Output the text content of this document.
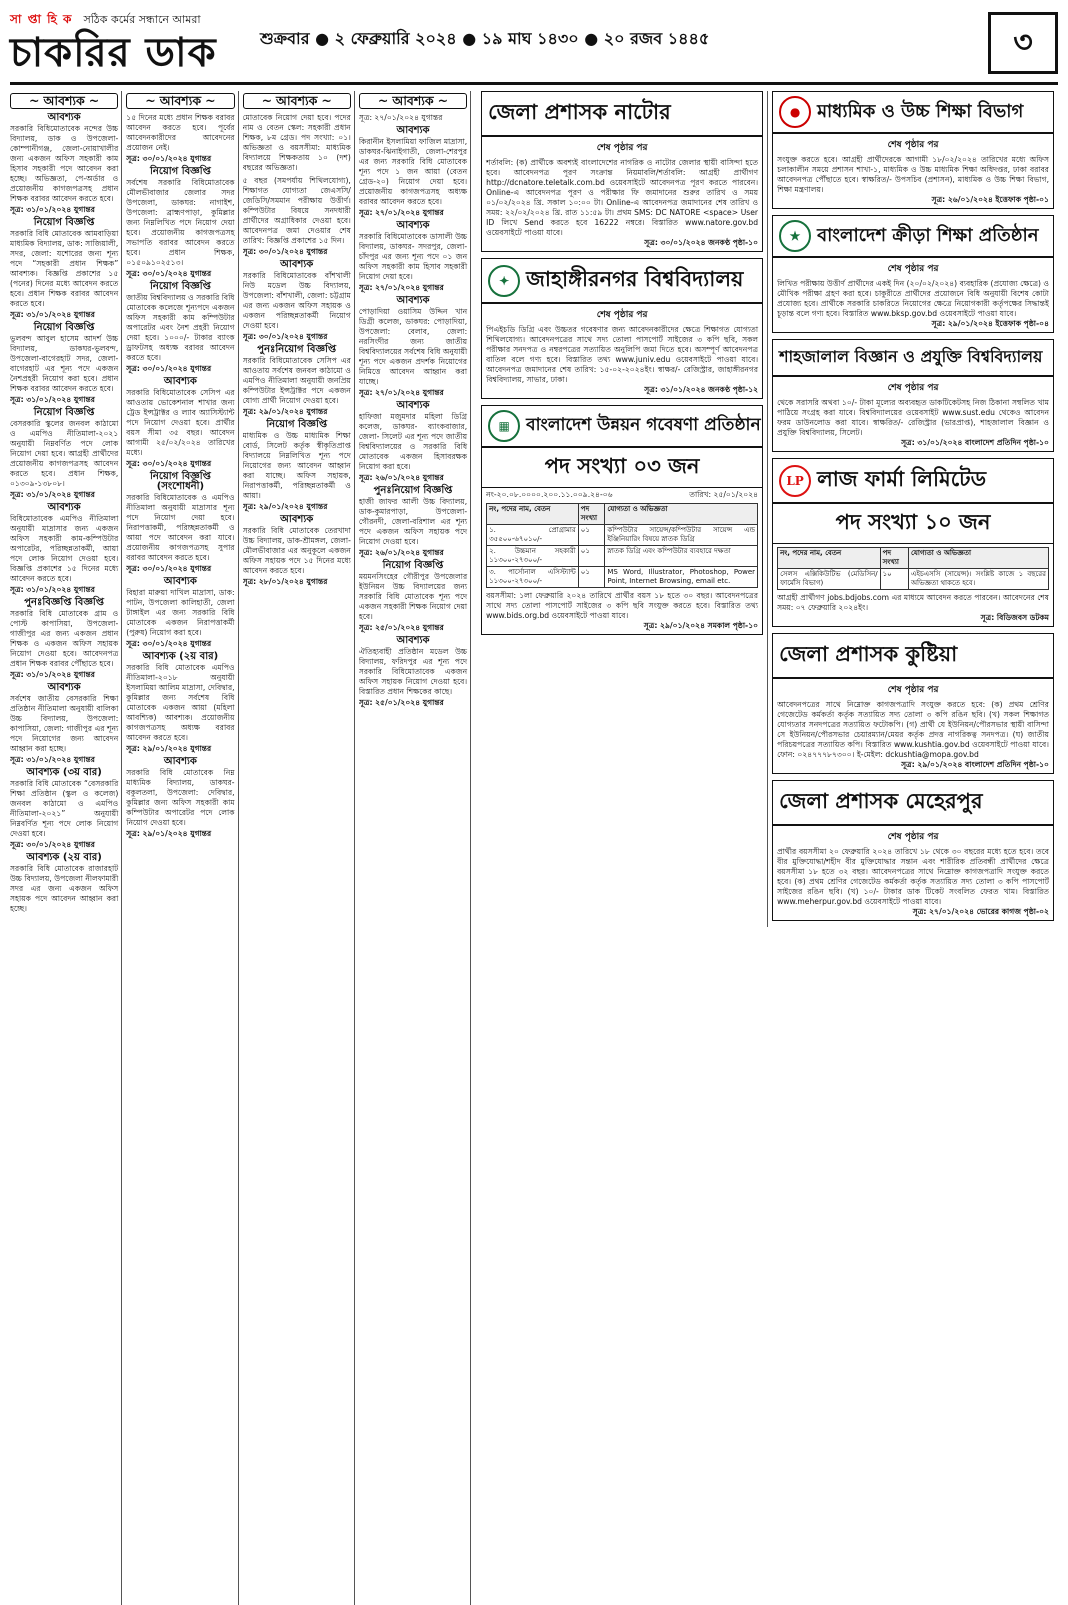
সা প্তা হি ক সঠিক কর্মের সন্ধানে আমরা
চাকরির ডাক	শুক্রবার ● ২ ফেব্রুয়ারি ২০২৪ ● ১৯ মাঘ ১৪৩০ ● ২০ রজব ১৪৪৫	৩
~ আবশ্যক ~
আবশ্যক
সরকারি বিধিমোতাবেক নন্দের উচ্চ বিদ্যালয়, ডাক ও উপজেলা-কোম্পানীগঞ্জ, জেলা-নোয়াখালীর জন্য একজন অফিস সহকারী কাম হিসাব সহকারী পদে আবেদন করা হচ্ছে। অভিজ্ঞতা, পে-অর্ডার ও প্রয়োজনীয় কাগজপত্রসহ প্রধান শিক্ষক বরাবর আবেদন করতে হবে।
সূত্র: ৩১/০১/২০২৪ যুগান্তর
নিয়োগ বিজ্ঞপ্তি
সরকারি বিধি মোতাবেক আমবাড়িয়া মাধ্যমিক বিদ্যালয়, ডাক: সাজিয়ালী, সদর, জেলা: যশোরের জন্য শূন্য পদে “সহকারী প্রধান শিক্ষক” আবশ্যক। বিজ্ঞপ্তি প্রকাশের ১৫ (পনের) দিনের মধ্যে আবেদন করতে হবে। প্রধান শিক্ষক বরাবর আবেদন করতে হবে।
সূত্র: ৩১/০১/২০২৪ যুগান্তর
নিয়োগ বিজ্ঞপ্তি
ভুলবন্দ আবুল হাসেম আদর্শ উচ্চ বিদ্যালয়, ডাকঘর-ভুলবন্দ, উপজেলা-বাগেরহাট সদর, জেলা-বাগেরহাট এর শূন্য পদে একজন নৈশপ্রহরী নিয়োগ করা হবে। প্রধান শিক্ষক বরাবর আবেদন করতে হবে।
সূত্র: ৩১/০১/২০২৪ যুগান্তর
নিয়োগ বিজ্ঞপ্তি
বেসরকারি স্কুলের জনবল কাঠামো ও এমপিও নীতিমালা-২০২১ অনুযায়ী নিম্নবর্ণিত পদে লোক নিয়োগ দেয়া হবে। আগ্রহী প্রার্থীদের প্রয়োজনীয় কাগজপত্রসহ আবেদন করতে হবে। প্রধান শিক্ষক, ০১৩০৯-১৩৮০৮।
সূত্র: ৩১/০১/২০২৪ যুগান্তর
আবশ্যক
বিধিমোতাবেক এমপিও নীতিমালা অনুযায়ী মাদ্রাসার জন্য একজন অফিস সহকারী কাম-কম্পিউটার অপারেটর, পরিচ্ছন্নতাকর্মী, আয়া পদে লোক নিয়োগ দেওয়া হবে। বিজ্ঞপ্তি প্রকাশের ১৫ দিনের মধ্যে আবেদন করতে হবে।
সূত্র: ৩১/০১/২০২৪ যুগান্তর
পুনঃবিজ্ঞপ্তি বিজ্ঞপ্তি
সরকারি বিধি মোতাবেক গ্রাম ও পোস্ট কাপাসিয়া, উপজেলা-গাজীপুর এর জন্য একজন প্রধান শিক্ষক ও একজন অফিস সহায়ক নিয়োগ দেওয়া হবে। আবেদনপত্র প্রধান শিক্ষক বরাবর পৌঁছাতে হবে।
সূত্র: ৩১/০১/২০২৪ যুগান্তর
আবশ্যক
সর্বশেষ জাতীয় বেসরকারি শিক্ষা প্রতিষ্ঠান নীতিমালা অনুযায়ী বালিকা উচ্চ বিদ্যালয়, উপজেলা: কাপাসিয়া, জেলা: গাজীপুর এর শূন্য পদে নিয়োগের জন্য আবেদন আহ্বান করা হচ্ছে।
সূত্র: ৩১/০১/২০২৪ যুগান্তর
আবশ্যক (৩য় বার)
সরকারি বিধি মোতাবেক “বেসরকারি শিক্ষা প্রতিষ্ঠান (স্কুল ও কলেজ) জনবল কাঠামো ও এমপিও নীতিমালা-২০২১” অনুযায়ী নিম্নবর্ণিত শূন্য পদে লোক নিয়োগ দেওয়া হবে।
সূত্র: ৩০/০১/২০২৪ যুগান্তর
আবশ্যক (২য় বার)
সরকারি বিধি মোতাবেক রাজারহাট উচ্চ বিদ্যালয়, উপজেলা নীলফামারী সদর এর জন্য একজন অফিস সহায়ক পদে আবেদন আহ্বান করা হচ্ছে।
~ আবশ্যক ~
১৫ দিনের মধ্যে প্রধান শিক্ষক বরাবর আবেদন করতে হবে। পূর্বের আবেদনকারীদের আবেদনের প্রয়োজন নেই।
সূত্র: ৩০/০১/২০২৪ যুগান্তর
নিয়োগ বিজ্ঞপ্তি
সর্বশেষ সরকারি বিধিমোতাবেক মৌলভীবাজার জেলার সদর উপজেলা, ডাকঘর: নাগাইশ, উপজেলা: ব্রাহ্মণপাড়া, কুমিল্লার জন্য নিম্নলিখিত পদে নিয়োগ দেয়া হবে। প্রয়োজনীয় কাগজপত্রসহ সভাপতি বরাবর আবেদন করতে হবে। প্রধান শিক্ষক, ০১৫০৯১০২৫১৩।
সূত্র: ৩০/০১/২০২৪ যুগান্তর
নিয়োগ বিজ্ঞপ্তি
জাতীয় বিশ্ববিদ্যালয় ও সরকারি বিধি মোতাবেক কলেজে শূন্যপদে একজন অফিস সহকারী কাম কম্পিউটার অপারেটর এবং নৈশ প্রহরী নিয়োগ দেয়া হবে। ১০০০/- টাকার ব্যাংক ড্রাফটসহ অধ্যক্ষ বরাবর আবেদন করতে হবে।
সূত্র: ৩০/০১/২০২৪ যুগান্তর
আবশ্যক
সরকারি বিধিমোতাবেক সেসিপ এর আওতায় ভোকেশনাল শাখার জন্য ট্রেড ইন্সট্রাক্টর ও ল্যাব অ্যাসিস্ট্যান্ট পদে নিয়োগ দেওয়া হবে। প্রার্থীর বয়স সীমা ৩৫ বছর। আবেদন আগামী ২৫/০২/২০২৪ তারিখের মধ্যে।
সূত্র: ৩০/০১/২০২৪ যুগান্তর
নিয়োগ বিজ্ঞপ্তি (সংশোধনী)
সরকারি বিধিমোতাবেক ও এমপিও নীতিমালা অনুযায়ী মাদ্রাসার শূন্য পদে নিয়োগ দেয়া হবে। নিরাপত্তাকর্মী, পরিচ্ছন্নতাকর্মী ও আয়া পদে আবেদন করা যাবে। প্রয়োজনীয় কাগজপত্রসহ সুপার বরাবর আবেদন করতে হবে।
সূত্র: ৩০/০১/২০২৪ যুগান্তর
আবশ্যক
বিহারা মারুয়া দাখিল মাদ্রাসা, ডাক: পাটন, উপজেলা কালিহাতী, জেলা টাঙ্গাইল এর জন্য সরকারি বিধি মোতাবেক একজন নিরাপত্তাকর্মী (পুরুষ) নিয়োগ করা হবে।
সূত্র: ৩০/০১/২০২৪ যুগান্তর
আবশ্যক (২য় বার)
সরকারি বিধি মোতাবেক এমপিও নীতিমালা-২০১৮ অনুযায়ী ইসলামিয়া আলিম মাদ্রাসা, দেবিদ্বার, কুমিল্লার জন্য সর্বশেষ বিধি মোতাবেক একজন আয়া (মহিলা আবশ্যিক) আবশ্যক। প্রয়োজনীয় কাগজপত্রসহ অধ্যক্ষ বরাবর আবেদন করতে হবে।
সূত্র: ২৯/০১/২০২৪ যুগান্তর
আবশ্যক
সরকারি বিধি মোতাবেক নিম্ন মাধ্যমিক বিদ্যালয়, ডাকঘর-বকুলতলা, উপজেলা: দেবিদ্বার, কুমিল্লার জন্য অফিস সহকারী কাম কম্পিউটার অপারেটর পদে লোক নিয়োগ দেওয়া হবে।
সূত্র: ২৯/০১/২০২৪ যুগান্তর
~ আবশ্যক ~
মোতাবেক নিয়োগ দেয়া হবে। পদের নাম ও বেতন স্কেল: সহকারী প্রধান শিক্ষক, ৮ম গ্রেড। পদ সংখ্যা: ০১। অভিজ্ঞতা ও বয়সসীমা: মাধ্যমিক বিদ্যালয়ে শিক্ষকতায় ১০ (দশ) বছরের অভিজ্ঞতা।
৫ বছর (সমপর্যায় শিথিলযোগ্য), শিক্ষাগত যোগ্যতা জেএসসি/জেডিসি/সমমান পরীক্ষায় উত্তীর্ণ। কম্পিউটার বিষয়ে সনদধারী প্রার্থীদের অগ্রাধিকার দেওয়া হবে। আবেদনপত্র জমা দেওয়ার শেষ তারিখ: বিজ্ঞপ্তি প্রকাশের ১৫ দিন।
সূত্র: ৩০/০১/২০২৪ যুগান্তর
আবশ্যক
সরকারি বিধিমোতাবেক বাঁশখালী নিউ মডেল উচ্চ বিদ্যালয়, উপজেলা: বাঁশখালী, জেলা: চট্টগ্রাম এর জন্য একজন অফিস সহায়ক ও একজন পরিচ্ছন্নতাকর্মী নিয়োগ দেওয়া হবে।
সূত্র: ৩০/০১/২০২৪ যুগান্তর
পুনঃনিয়োগ বিজ্ঞপ্তি
সরকারি বিধিমোতাবেক সেসিপ এর আওতায় সর্বশেষ জনবল কাঠামো ও এমপিও নীতিমালা অনুযায়ী জনপ্রিয় কম্পিউটার ইন্সট্রাক্টর পদে একজন যোগ্য প্রার্থী নিয়োগ দেওয়া হবে।
সূত্র: ২৯/০১/২০২৪ যুগান্তর
নিয়োগ বিজ্ঞপ্তি
মাধ্যমিক ও উচ্চ মাধ্যমিক শিক্ষা বোর্ড, সিলেট কর্তৃক স্বীকৃতিপ্রাপ্ত বিদ্যালয়ে নিম্নলিখিত শূন্য পদে নিয়োগের জন্য আবেদন আহ্বান করা যাচ্ছে। অফিস সহায়ক, নিরাপত্তাকর্মী, পরিচ্ছন্নতাকর্মী ও আয়া।
সূত্র: ২৯/০১/২০২৪ যুগান্তর
আবশ্যক
সরকারি বিধি মোতাবেক তেরখাদা উচ্চ বিদ্যালয়, ডাক-শ্রীমঙ্গল, জেলা-মৌলভীবাজার এর অনুকূলে একজন অফিস সহায়ক পদে ১৫ দিনের মধ্যে আবেদন করতে হবে।
সূত্র: ২৮/০১/২০২৪ যুগান্তর
~ আবশ্যক ~
সূত্র: ২৭/০১/২০২৪ যুগান্তর
আবশ্যক
কিরানীন ইসলামিয়া ফাজিল মাদ্রাসা, ডাকঘর-ঝিনাইগাতী, জেলা-শেরপুর এর জন্য সরকারি বিধি মোতাবেক শূন্য পদে ১ জন আয়া (বেতন গ্রেড-২০) নিয়োগ দেয়া হবে। প্রয়োজনীয় কাগজপত্রসহ অধ্যক্ষ বরাবর আবেদন করতে হবে।
সূত্র: ২৭/০১/২০২৪ যুগান্তর
আবশ্যক
সরকারি বিধিমোতাবেক ডাসালী উচ্চ বিদ্যালয়, ডাকঘর- সদরপুর, জেলা- চাঁদপুর এর জন্য শূন্য পদে ০১ জন অফিস সহকারী কাম হিসাব সহকারী নিয়োগ দেয়া হবে।
সূত্র: ২৭/০১/২০২৪ যুগান্তর
আবশ্যক
পোড়াদিয়া ওয়াসিম উদ্দিন খান ডিগ্রী কলেজ, ডাকঘর: পোড়াদিয়া, উপজেলা: বেলাব, জেলা: নরসিংদীর জন্য জাতীয় বিশ্ববিদ্যালয়ের সর্বশেষ বিধি অনুযায়ী শূন্য পদে একজন প্রদর্শক নিয়োগের নিমিত্তে আবেদন আহ্বান করা যাচ্ছে।
সূত্র: ২৭/০১/২০২৪ যুগান্তর
আবশ্যক
হাফিজা মজুমদার মহিলা ডিগ্রি কলেজ, ডাকঘর- ব্যাংকবাজার, জেলা- সিলেট এর শূন্য পদে জাতীয় বিশ্ববিদ্যালয়ের ও সরকারি বিধি মোতাবেক একজন হিসাবরক্ষক নিয়োগ করা হবে।
সূত্র: ২৬/০১/২০২৪ যুগান্তর
পুনঃনিয়োগ বিজ্ঞপ্তি
হাজী জাফর আলী উচ্চ বিদ্যালয়, ডাক-কুমারপাড়া, উপজেলা-গৌরনদী, জেলা-বরিশাল এর শূন্য পদে একজন অফিস সহায়ক পদে নিয়োগ দেওয়া হবে।
সূত্র: ২৬/০১/২০২৪ যুগান্তর
নিয়োগ বিজ্ঞপ্তি
ময়মনসিংহের গৌরীপুর উপজেলার ইউনিয়ন উচ্চ বিদ্যালয়ের জন্য সরকারি বিধি মোতাবেক শূন্য পদে একজন সহকারী শিক্ষক নিয়োগ দেয়া হবে।
সূত্র: ২৫/০১/২০২৪ যুগান্তর
আবশ্যক
ঐতিহ্যবাহী প্রতিষ্ঠান মডেল উচ্চ বিদ্যালয়, ফরিদপুর এর শূন্য পদে সরকারি বিধিমোতাবেক একজন অফিস সহায়ক নিয়োগ দেওয়া হবে। বিস্তারিত প্রধান শিক্ষকের কাছে।
সূত্র: ২৫/০১/২০২৪ যুগান্তর
জেলা প্রশাসক নাটোর
শেষ পৃষ্ঠার পর
শর্তাবলি: (ক) প্রার্থীকে অবশ্যই বাংলাদেশের নাগরিক ও নাটোর জেলার স্থায়ী বাসিন্দা হতে হবে। আবেদনপত্র পূরণ সংক্রান্ত নিয়মাবলি/শর্তাবলি: আগ্রহী প্রার্থীগণ http://dcnatore.teletalk.com.bd ওয়েবসাইটে আবেদনপত্র পূরণ করতে পারবেন। Online-এ আবেদনপত্র পূরণ ও পরীক্ষার ফি জমাদানের শুরুর তারিখ ও সময় ০১/০২/২০২৪ খ্রি. সকাল ১০:০০ টা। Online-এ আবেদনপত্র জমাদানের শেষ তারিখ ও সময়: ২২/০২/২০২৪ খ্রি. রাত ১১:৫৯ টা। প্রথম SMS: DC NATORE <space> User ID লিখে Send করতে হবে 16222 নম্বরে। বিস্তারিত www.natore.gov.bd ওয়েবসাইটে পাওয়া যাবে।
সূত্র: ৩০/০১/২০২৪ জনকণ্ঠ পৃষ্ঠা-১০
✦ জাহাঙ্গীরনগর বিশ্ববিদ্যালয়
শেষ পৃষ্ঠার পর
পিএইচডি ডিগ্রি এবং উচ্চতর গবেষণার জন্য আবেদনকারীদের ক্ষেত্রে শিক্ষাগত যোগ্যতা শিথিলযোগ্য। আবেদনপত্রের সাথে সদ্য তোলা পাসপোর্ট সাইজের ৩ কপি ছবি, সকল পরীক্ষার সনদপত্র ও নম্বরপত্রের সত্যায়িত অনুলিপি জমা দিতে হবে। অসম্পূর্ণ আবেদনপত্র বাতিল বলে গণ্য হবে। বিস্তারিত তথ্য www.juniv.edu ওয়েবসাইটে পাওয়া যাবে। আবেদনপত্র জমাদানের শেষ তারিখ: ১৫-০২-২০২৪ইং। স্বাক্ষর/- রেজিস্ট্রার, জাহাঙ্গীরনগর বিশ্ববিদ্যালয়, সাভার, ঢাকা।
সূত্র: ৩১/০১/২০২৪ জনকণ্ঠ পৃষ্ঠা-১২
▦ বাংলাদেশ উন্নয়ন গবেষণা প্রতিষ্ঠান
পদ সংখ্যা ০৩ জন
নং-২০.০৮.০০০০.২০০.১১.০০৯.২৪-০৬	তারিখ: ২৫/০১/২০২৪
নং, পদের নাম, বেতন	পদ সংখ্যা	যোগ্যতা ও অভিজ্ঞতা
১. প্রোগ্রামার ৩৫৫০০-৬৭০১০/-	০১	কম্পিউটার সায়েন্স/কম্পিউটার সায়েন্স এন্ড ইঞ্জিনিয়ারিং বিষয়ে স্নাতক ডিগ্রি
২. উচ্চমান সহকারী ১১৩০০-২৭৩০০/-	০১	স্নাতক ডিগ্রি এবং কম্পিউটার ব্যবহারে দক্ষতা
৩. পার্সোনাল এসিস্ট্যান্ট ১১৩০০-২৭৩০০/-	০১	MS Word, Illustrator, Photoshop, Power Point, Internet Browsing, email etc.
বয়সসীমা: ১লা ফেব্রুয়ারি ২০২৪ তারিখে প্রার্থীর বয়স ১৮ হতে ৩০ বছর। আবেদনপত্রের সাথে সদ্য তোলা পাসপোর্ট সাইজের ৩ কপি ছবি সংযুক্ত করতে হবে। বিস্তারিত তথ্য www.bids.org.bd ওয়েবসাইটে পাওয়া যাবে।
সূত্র: ২৯/০১/২০২৪ সমকাল পৃষ্ঠা-১০
● মাধ্যমিক ও উচ্চ শিক্ষা বিভাগ
শেষ পৃষ্ঠার পর
সংযুক্ত করতে হবে। আগ্রহী প্রার্থীদেরকে আগামী ১৮/০২/২০২৪ তারিখের মধ্যে অফিস চলাকালীন সময়ে প্রশাসন শাখা-১, মাধ্যমিক ও উচ্চ মাধ্যমিক শিক্ষা অধিদপ্তর, ঢাকা বরাবর আবেদনপত্র পৌঁছাতে হবে। স্বাক্ষরিত/- উপসচিব (প্রশাসন), মাধ্যমিক ও উচ্চ শিক্ষা বিভাগ, শিক্ষা মন্ত্রণালয়।
সূত্র: ২৬/০১/২০২৪ ইত্তেফাক পৃষ্ঠা-০১
★ বাংলাদেশ ক্রীড়া শিক্ষা প্রতিষ্ঠান
শেষ পৃষ্ঠার পর
লিখিত পরীক্ষায় উত্তীর্ণ প্রার্থীদের একই দিন (২০/০২/২০২৪) ব্যবহারিক (প্রযোজ্য ক্ষেত্রে) ও মৌখিক পরীক্ষা গ্রহণ করা হবে। চাকুরীতে প্রার্থীদের প্রয়োজনে বিধি অনুযায়ী বিশেষ কোটা প্রযোজ্য হবে। প্রার্থীকে সরকারি চাকরিতে নিয়োগের ক্ষেত্রে নিয়োগকারী কর্তৃপক্ষের সিদ্ধান্তই চূড়ান্ত বলে গণ্য হবে। বিস্তারিত www.bksp.gov.bd ওয়েবসাইটে পাওয়া যাবে।
সূত্র: ২৯/০১/২০২৪ ইত্তেফাক পৃষ্ঠা-০৪
শাহজালাল বিজ্ঞান ও প্রযুক্তি বিশ্ববিদ্যালয়
শেষ পৃষ্ঠার পর
থেকে সরাসরি অথবা ১০/- টাকা মূল্যের অব্যবহৃত ডাকটিকেটসহ নিজ ঠিকানা সম্বলিত খাম পাঠিয়ে সংগ্রহ করা যাবে। বিশ্ববিদ্যালয়ের ওয়েবসাইট www.sust.edu থেকেও আবেদন ফরম ডাউনলোড করা যাবে। স্বাক্ষরিত/- রেজিস্ট্রার (ভারপ্রাপ্ত), শাহজালাল বিজ্ঞান ও প্রযুক্তি বিশ্ববিদ্যালয়, সিলেট।
সূত্র: ৩১/০১/২০২৪ বাংলাদেশ প্রতিদিন পৃষ্ঠা-১০
LP লাজ ফার্মা লিমিটেড
পদ সংখ্যা ১০ জন
নং, পদের নাম, বেতন	পদ সংখ্যা	যোগ্যতা ও অভিজ্ঞতা
সেলস এক্সিকিউটিভ (মেডিসিন/ফার্মেসি বিভাগ)	১০	এইচএসসি (সায়েন্স)। সংশ্লিষ্ট কাজে ১ বছরের অভিজ্ঞতা থাকতে হবে।
আগ্রহী প্রার্থীগণ jobs.bdjobs.com এর মাধ্যমে আবেদন করতে পারবেন। আবেদনের শেষ সময়: ০৭ ফেব্রুয়ারি ২০২৪ইং।
সূত্র: বিডিজবস ডটকম
জেলা প্রশাসক কুষ্টিয়া
শেষ পৃষ্ঠার পর
আবেদনপত্রের সাথে নিম্নোক্ত কাগজপত্রাদি সংযুক্ত করতে হবে: (ক) প্রথম শ্রেণির গেজেটেড কর্মকর্তা কর্তৃক সত্যায়িত সদ্য তোলা ৩ কপি রঙিন ছবি। (খ) সকল শিক্ষাগত যোগ্যতার সনদপত্রের সত্যায়িত ফটোকপি। (গ) প্রার্থী যে ইউনিয়ন/পৌরসভার স্থায়ী বাসিন্দা সে ইউনিয়ন/পৌরসভার চেয়ারম্যান/মেয়র কর্তৃক প্রদত্ত নাগরিকত্ব সনদপত্র। (ঘ) জাতীয় পরিচয়পত্রের সত্যায়িত কপি। বিস্তারিত www.kushtia.gov.bd ওয়েবসাইটে পাওয়া যাবে। ফোন: ০২৪৭৭৭৮৭৩০০। ই-মেইল: dckushtia@mopa.gov.bd
সূত্র: ২৯/০১/২০২৪ বাংলাদেশ প্রতিদিন পৃষ্ঠা-১০
জেলা প্রশাসক মেহেরপুর
শেষ পৃষ্ঠার পর
প্রার্থীর বয়সসীমা ২০ ফেব্রুয়ারি ২০২৪ তারিখে ১৮ থেকে ৩০ বছরের মধ্যে হতে হবে। তবে বীর মুক্তিযোদ্ধা/শহীদ বীর মুক্তিযোদ্ধার সন্তান এবং শারীরিক প্রতিবন্ধী প্রার্থীদের ক্ষেত্রে বয়সসীমা ১৮ হতে ৩২ বছর। আবেদনপত্রের সাথে নিম্নোক্ত কাগজপত্রাদি সংযুক্ত করতে হবে। (ক) প্রথম শ্রেণির গেজেটেড কর্মকর্তা কর্তৃক সত্যায়িত সদ্য তোলা ৩ কপি পাসপোর্ট সাইজের রঙিন ছবি। (খ) ১০/- টাকার ডাক টিকেট সংবলিত ফেরত খাম। বিস্তারিত www.meherpur.gov.bd ওয়েবসাইটে পাওয়া যাবে।
সূত্র: ২৭/০১/২০২৪ ভোরের কাগজ পৃষ্ঠা-০২
